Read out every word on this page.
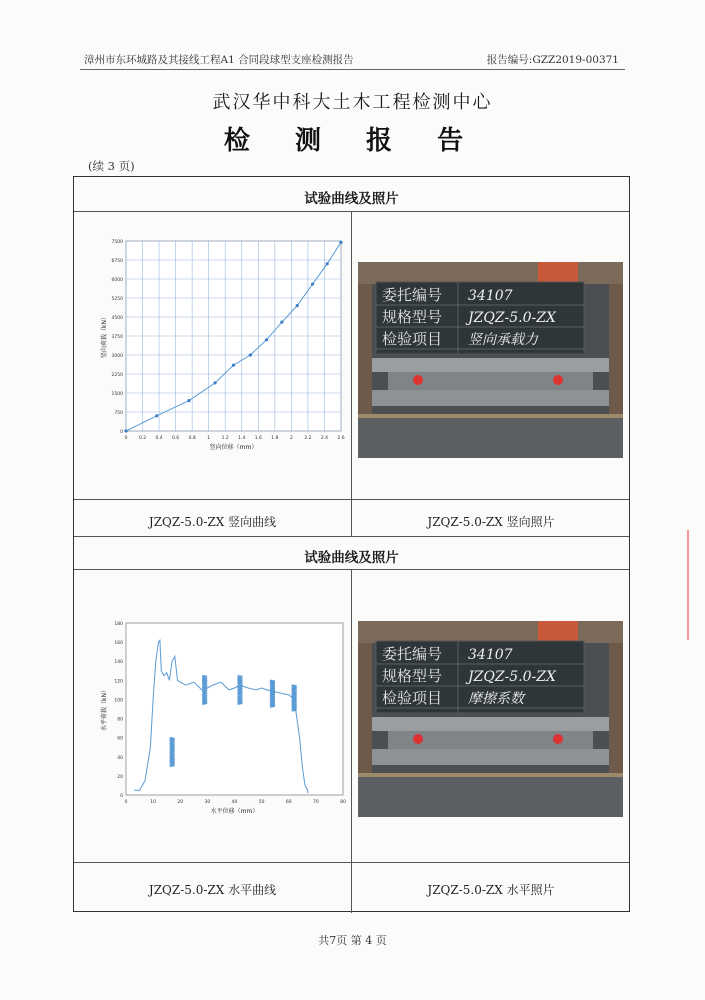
漳州市东环城路及其接线工程A1 合同段球型支座检测报告	报告编号:GZZ2019-00371
武汉华中科大土木工程检测中心
检 测 报 告
(续 3 页)
试验曲线及照片
0
750
1500
2250
3000
3750
4500
5250
6000
6750
7500
0	0.2 0.4 0.6 0.8	1	1.2 1.4 1.6 1.8	2	2.2 2.4 2.6
竖向位移（mm）
竖向荷载（kN）
委托编号 34107
规格型号 JZQZ-5.0-ZX
检验项目 竖向承载力
JZQZ-5.0-ZX 竖向曲线	JZQZ-5.0-ZX 竖向照片
试验曲线及照片
0
20
40
60
80
100
120
140
160
180
0	10	20	30	40	50	60	70	80
水平位移（mm）
水平荷载（kN）
委托编号 34107
规格型号 JZQZ-5.0-ZX
检验项目 摩擦系数
JZQZ-5.0-ZX 水平曲线	JZQZ-5.0-ZX 水平照片
共7页 第 4 页
